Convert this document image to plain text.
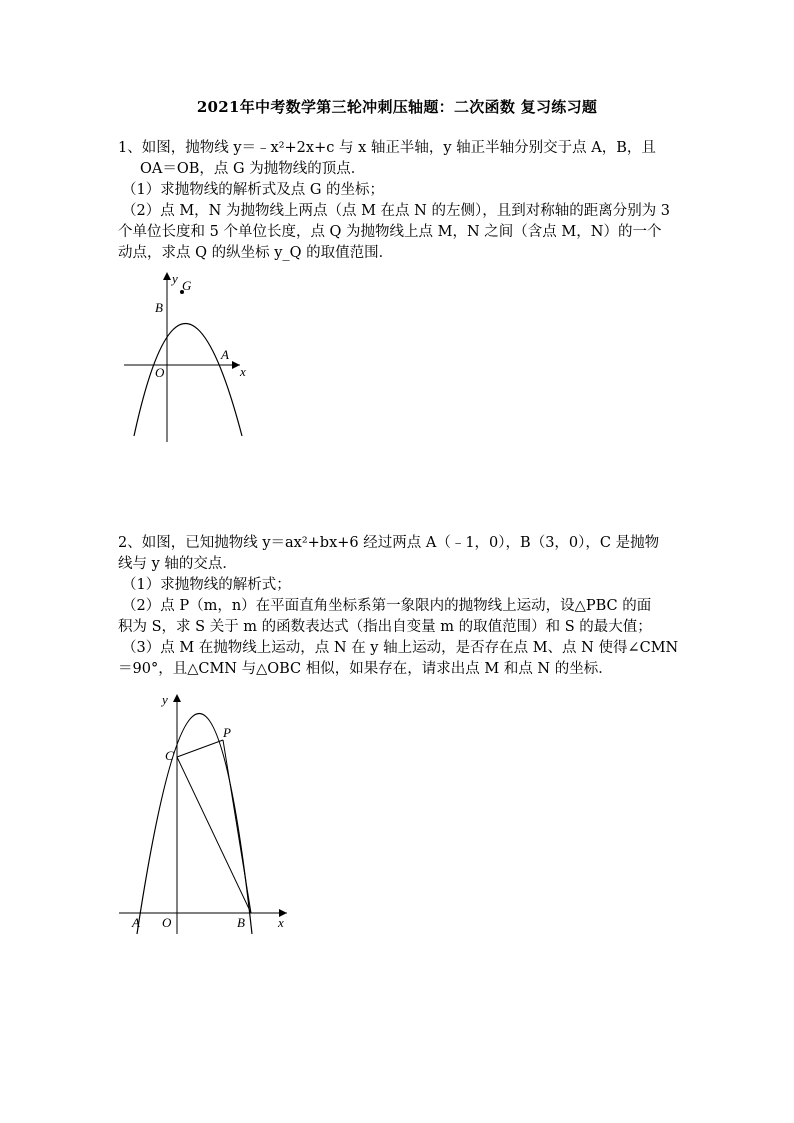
2021年中考数学第三轮冲刺压轴题：二次函数 复习练习题
1、如图，抛物线 y＝﹣x²+2x+c 与 x 轴正半轴，y 轴正半轴分别交于点 A，B，且
OA＝OB，点 G 为抛物线的顶点．
（1）求抛物线的解析式及点 G 的坐标；
（2）点 M，N 为抛物线上两点（点 M 在点 N 的左侧），且到对称轴的距离分别为 3
个单位长度和 5 个单位长度，点 Q 为抛物线上点 M，N 之间（含点 M，N）的一个
动点，求点 Q 的纵坐标 y_Q 的取值范围．
y G
B
A
O	x
2、如图，已知抛物线 y＝ax²+bx+6 经过两点 A（﹣1，0），B（3，0），C 是抛物
线与 y 轴的交点．
（1）求抛物线的解析式；
（2）点 P（m，n）在平面直角坐标系第一象限内的抛物线上运动，设△PBC 的面
积为 S，求 S 关于 m 的函数表达式（指出自变量 m 的取值范围）和 S 的最大值；
（3）点 M 在抛物线上运动，点 N 在 y 轴上运动，是否存在点 M、点 N 使得∠CMN
＝90°，且△CMN 与△OBC 相似，如果存在，请求出点 M 和点 N 的坐标．
y
P
C
A O	B	x
